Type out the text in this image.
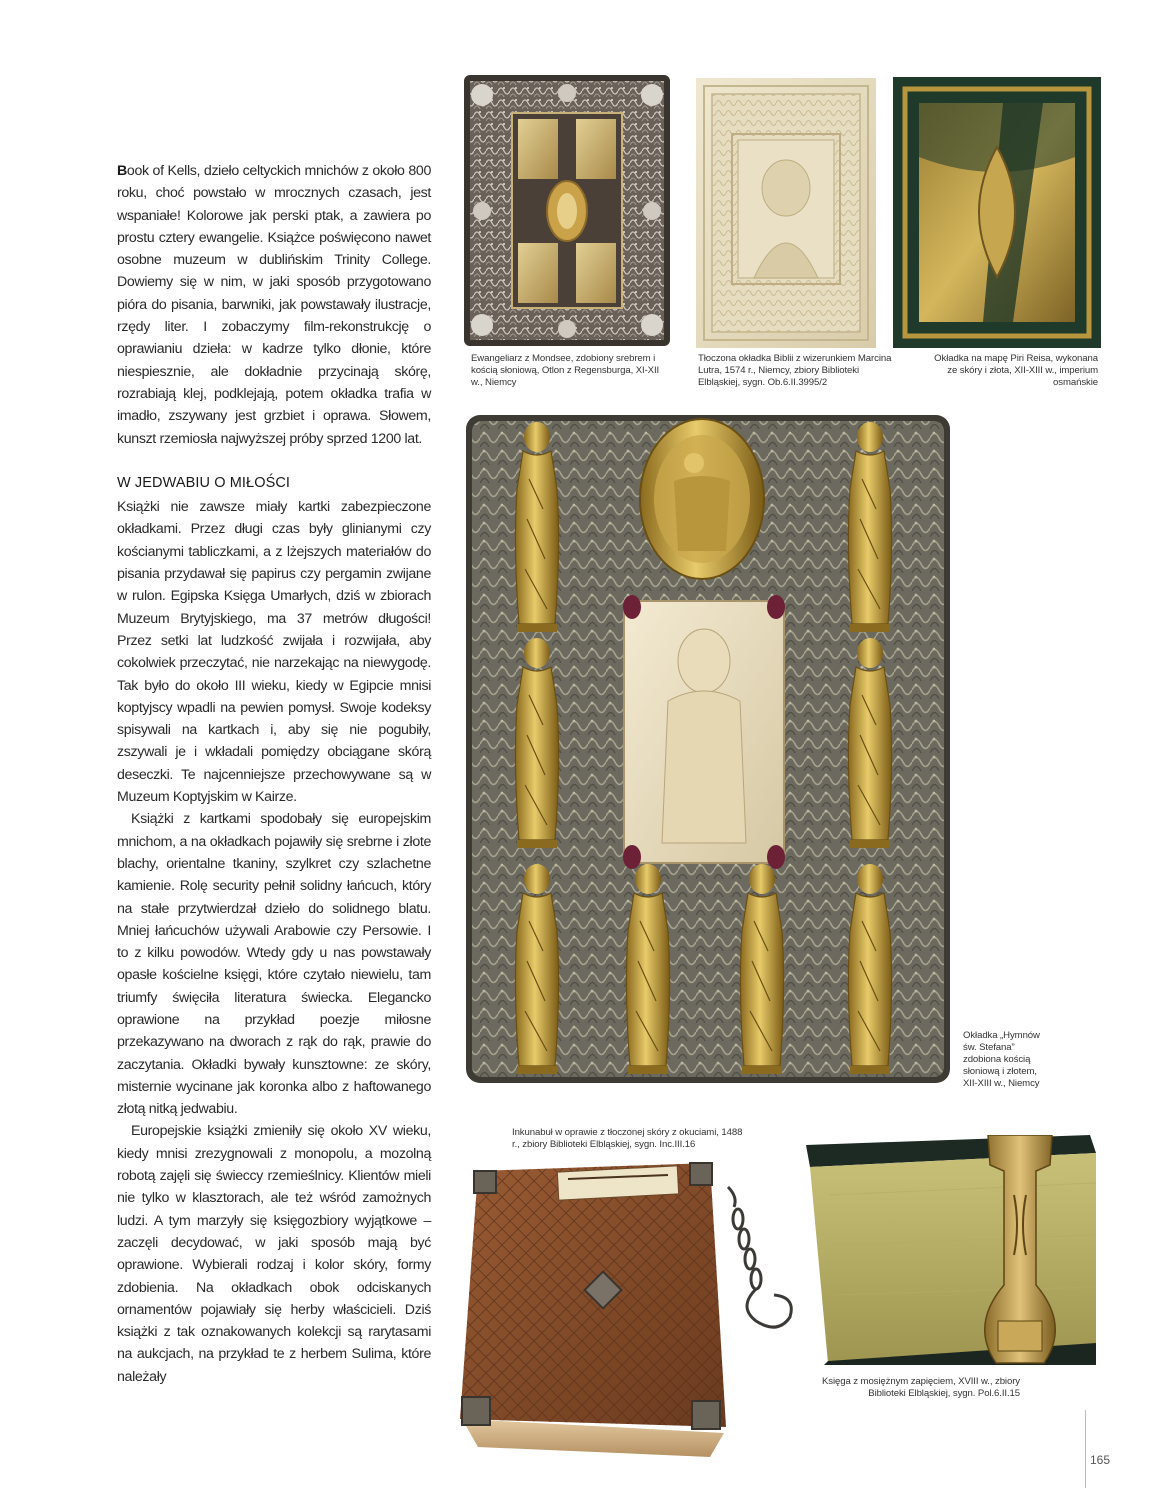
Book of Kells, dzieło celtyckich mnichów z około 800 roku, choć powstało w mrocznych czasach, jest wspaniałe! Kolorowe jak perski ptak, a zawiera po prostu cztery ewangelie. Książce poświęcono nawet osobne muzeum w dublińskim Trinity College. Dowiemy się w nim, w jaki sposób przygotowano pióra do pisania, barwniki, jak powstawały ilustracje, rzędy liter. I zobaczymy film-rekonstrukcję o oprawianiu dzieła: w kadrze tylko dłonie, które niespiesznie, ale dokładnie przycinają skórę, rozrabiają klej, podklejają, potem okładka trafia w imadło, zszywany jest grzbiet i oprawa. Słowem, kunszt rzemiosła najwyższej próby sprzed 1200 lat.

W JEDWABIU O MIŁOŚCI

Książki nie zawsze miały kartki zabezpieczone okładkami. Przez długi czas były glinianymi czy kościanymi tabliczkami, a z lżejszych materiałów do pisania przydawał się papirus czy pergamin zwijane w rulon. Egipska Księga Umarłych, dziś w zbiorach Muzeum Brytyjskiego, ma 37 metrów długości! Przez setki lat ludzkość zwijała i rozwijała, aby cokolwiek przeczytać, nie narzekając na niewygodę. Tak było do około III wieku, kiedy w Egipcie mnisi koptyjscy wpadli na pewien pomysł. Swoje kodeksy spisywali na kartkach i, aby się nie pogubiły, zszywali je i wkładali pomiędzy obciągane skórą deseczki. Te najcenniejsze przechowywane są w Muzeum Koptyjskim w Kairze.

Książki z kartkami spodobały się europejskim mnichom, a na okładkach pojawiły się srebrne i złote blachy, orientalne tkaniny, szylkret czy szlachetne kamienie. Rolę security pełnił solidny łańcuch, który na stałe przytwierdzał dzieło do solidnego blatu. Mniej łańcuchów używali Arabowie czy Persowie. I to z kilku powodów. Wtedy gdy u nas powstawały opasłe kościelne księgi, które czytało niewielu, tam triumfy święciła literatura świecka. Elegancko oprawione na przykład poezje miłosne przekazywano na dworach z rąk do rąk, prawie do zaczytania. Okładki bywały kunsztowne: ze skóry, misternie wycinane jak koronka albo z haftowanego złotą nitką jedwabiu.

Europejskie książki zmieniły się około XV wieku, kiedy mnisi zrezygnowali z monopolu, a mozolną robotą zajęli się świeccy rzemieślnicy. Klientów mieli nie tylko w klasztorach, ale też wśród zamożnych ludzi. A tym marzyły się księgozbiory wyjątkowe – zaczęli decydować, w jaki sposób mają być oprawione. Wybierali rodzaj i kolor skóry, formy zdobienia. Na okładkach obok odciskanych ornamentów pojawiały się herby właścicieli. Dziś książki z tak oznakowanych kolekcji są rarytasami na aukcjach, na przykład te z herbem Sulima, które należały

Ewangeliarz z Mondsee, zdobiony srebrem i kością słoniową, Otlon z Regensburga, XI-XII w., Niemcy
Tłoczona okładka Biblii z wizerunkiem Marcina Lutra, 1574 r., Niemcy, zbiory Biblioteki Elbląskiej, sygn. Ob.6.II.3995/2
Okładka na mapę Piri Reisa, wykonana ze skóry i złota, XII-XIII w., imperium osmańskie
Okładka „Hymnów św. Stefana” zdobiona kością słoniową i złotem, XII-XIII w., Niemcy
Inkunabuł w oprawie z tłoczonej skóry z okuciami, 1488 r., zbiory Biblioteki Elbląskiej, sygn. Inc.III.16
Księga z mosiężnym zapięciem, XVIII w., zbiory Biblioteki Elbląskiej, sygn. Pol.6.II.15
165
